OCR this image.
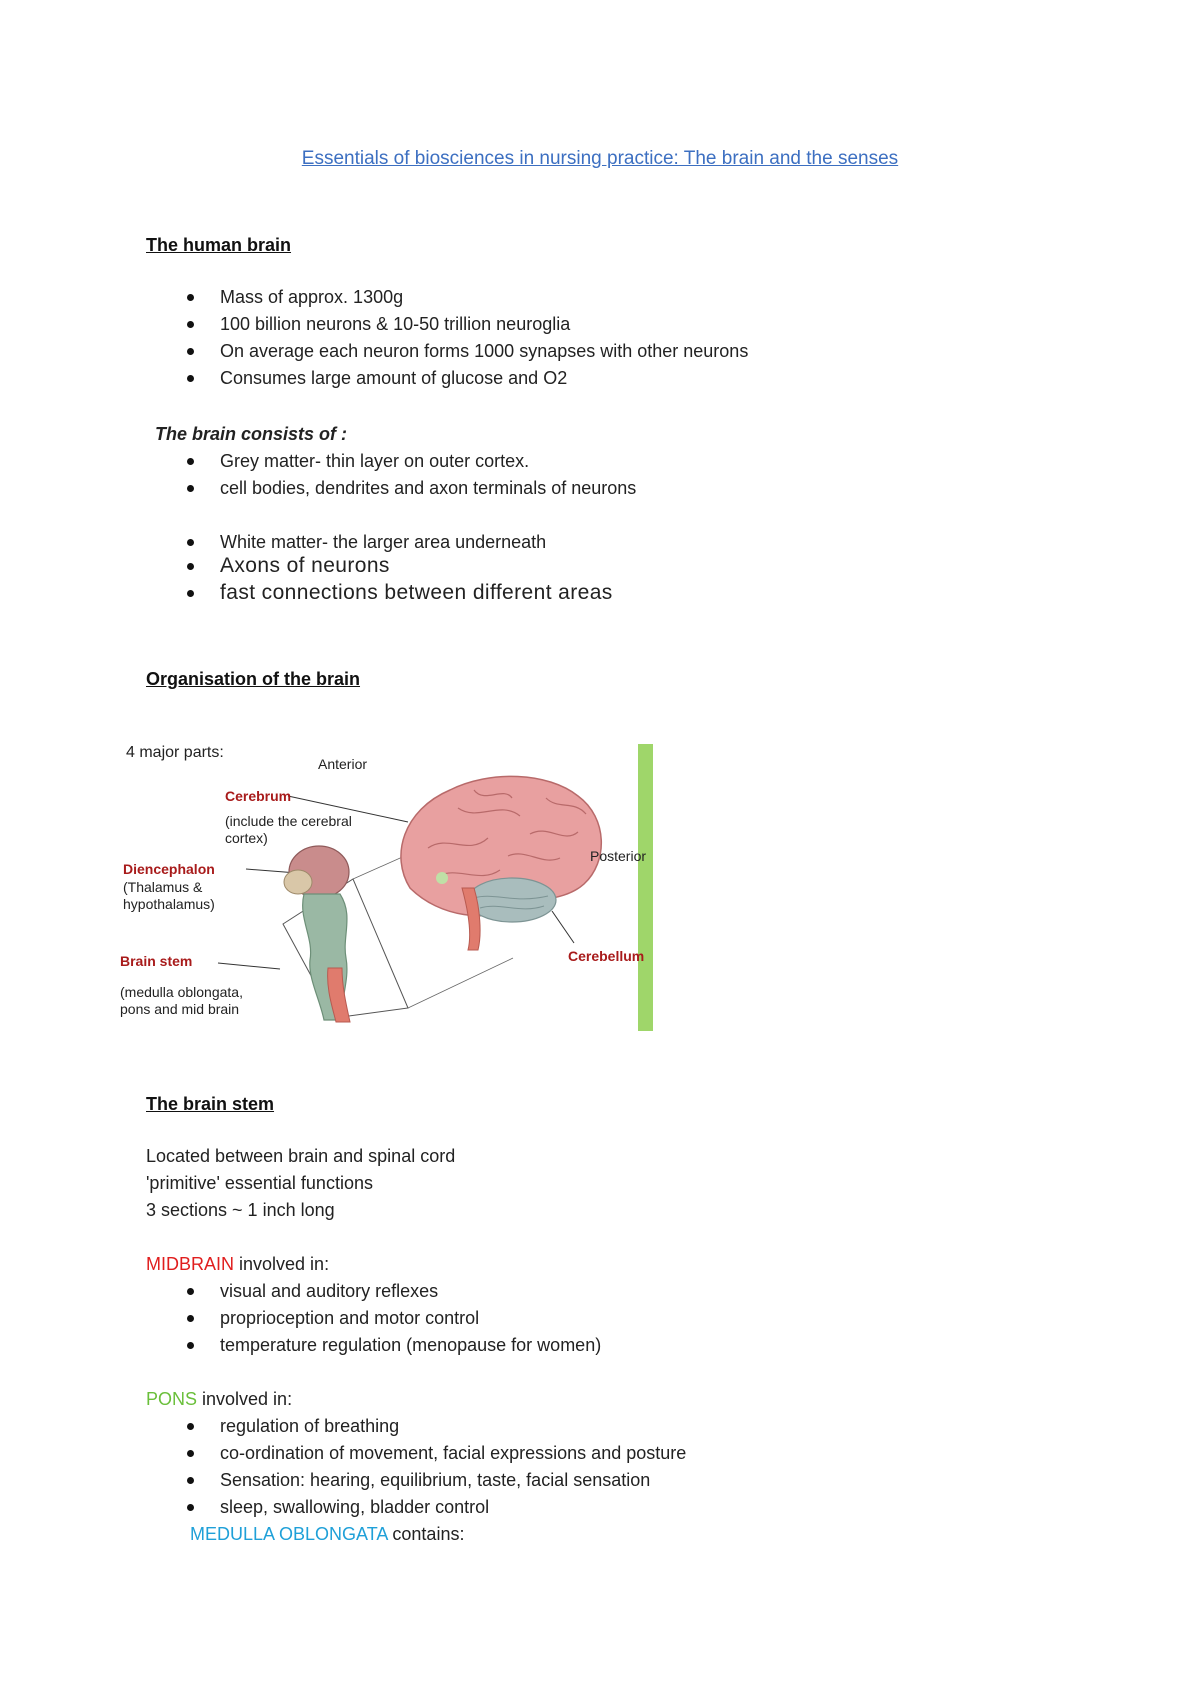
Essentials of biosciences in nursing practice: The brain and the senses
The human brain
Mass of approx. 1300g
100 billion neurons & 10-50 trillion neuroglia
On average each neuron forms 1000 synapses with other neurons
Consumes large amount of glucose and O2
The brain consists of :
Grey matter- thin layer on outer cortex.
cell bodies, dendrites and axon terminals of neurons
White matter- the larger area underneath
Axons of neurons
fast connections between different areas
Organisation of the brain
4 major parts:
Anterior
Posterior
Cerebrum
(include the cerebral
cortex)
Diencephalon
(Thalamus &
hypothalamus)
Brain stem
(medulla oblongata,
pons and mid brain
Cerebellum
The brain stem
Located between brain and spinal cord
'primitive' essential functions
3 sections ~ 1 inch long
MIDBRAIN involved in:
visual and auditory reflexes
proprioception and motor control
temperature regulation (menopause for women)
PONS involved in:
regulation of breathing
co-ordination of movement, facial expressions and posture
Sensation: hearing, equilibrium, taste, facial sensation
sleep, swallowing, bladder control
MEDULLA OBLONGATA contains:
